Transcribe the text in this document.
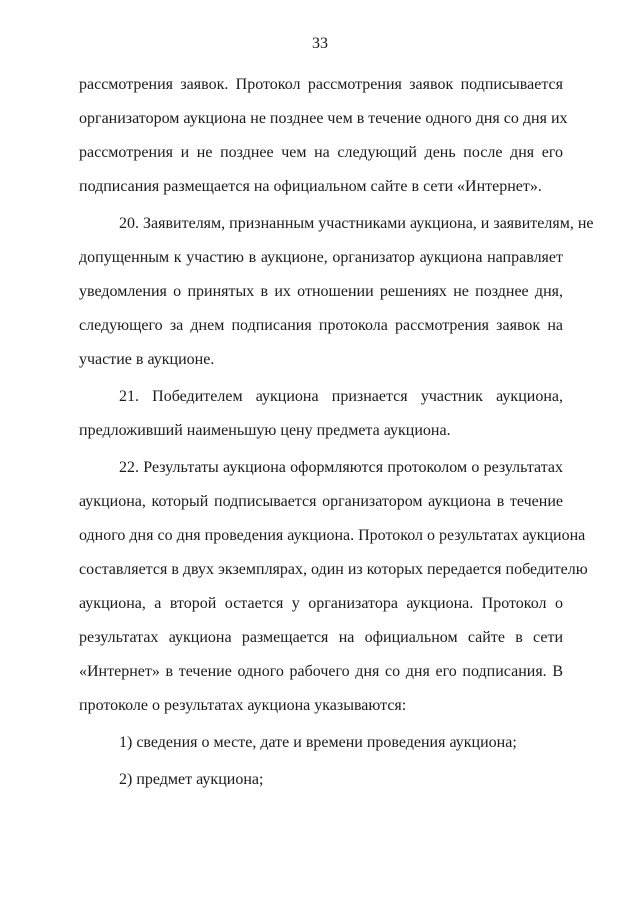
33
рассмотрения заявок. Протокол рассмотрения заявок подписывается
организатором аукциона не позднее чем в течение одного дня со дня их
рассмотрения и не позднее чем на следующий день после дня его
подписания размещается на официальном сайте в сети «Интернет».
20. Заявителям, признанным участниками аукциона, и заявителям, не
допущенным к участию в аукционе, организатор аукциона направляет
уведомления о принятых в их отношении решениях не позднее дня,
следующего за днем подписания протокола рассмотрения заявок на
участие в аукционе.
21. Победителем аукциона признается участник аукциона,
предложивший наименьшую цену предмета аукциона.
22. Результаты аукциона оформляются протоколом о результатах
аукциона, который подписывается организатором аукциона в течение
одного дня со дня проведения аукциона. Протокол о результатах аукциона
составляется в двух экземплярах, один из которых передается победителю
аукциона, а второй остается у организатора аукциона. Протокол о
результатах аукциона размещается на официальном сайте в сети
«Интернет» в течение одного рабочего дня со дня его подписания. В
протоколе о результатах аукциона указываются:
1) сведения о месте, дате и времени проведения аукциона;
2) предмет аукциона;
